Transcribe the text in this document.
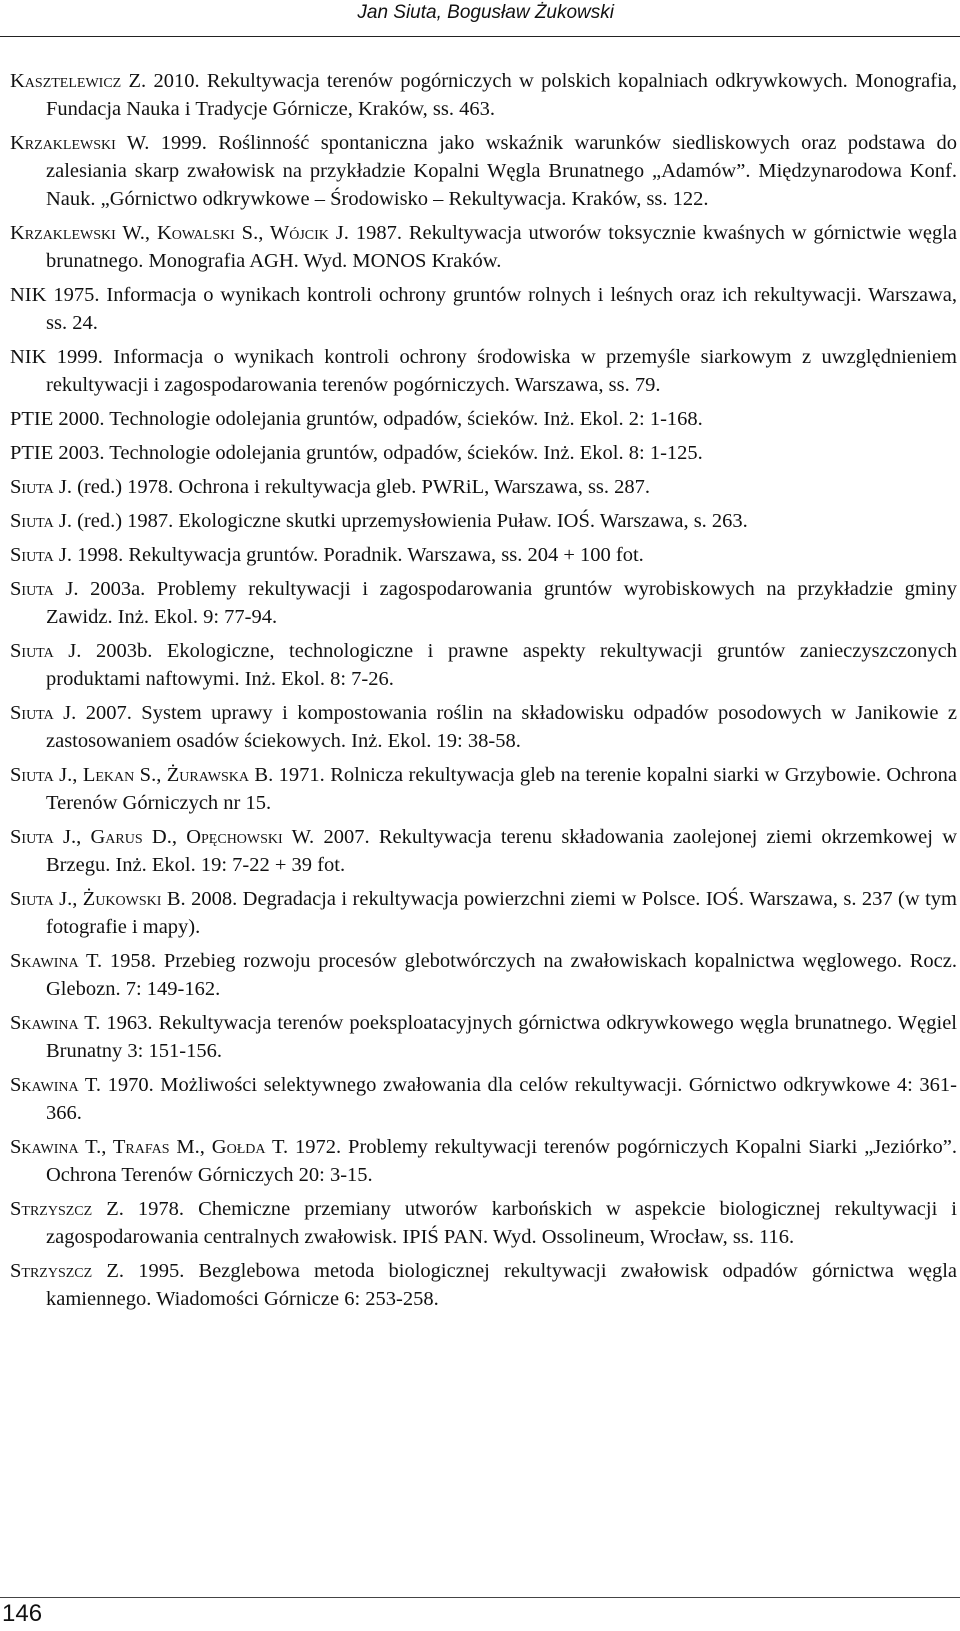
Jan Siuta, Bogusław Żukowski

Kasztelewicz Z. 2010. Rekultywacja terenów pogórniczych w polskich kopalniach odkrywkowych. Monografia, Fundacja Nauka i Tradycje Górnicze, Kraków, ss. 463.

Krzaklewski W. 1999. Roślinność spontaniczna jako wskaźnik warunków siedliskowych oraz podstawa do zalesiania skarp zwałowisk na przykładzie Kopalni Węgla Brunatnego „Adamów”. Międzynarodowa Konf. Nauk. „Górnictwo odkrywkowe – Środowisko – Rekultywacja. Kraków, ss. 122.

Krzaklewski W., Kowalski S., Wójcik J. 1987. Rekultywacja utworów toksycznie kwaśnych w górnictwie węgla brunatnego. Monografia AGH. Wyd. MONOS Kraków.

NIK 1975. Informacja o wynikach kontroli ochrony gruntów rolnych i leśnych oraz ich rekultywacji. Warszawa, ss. 24.

NIK 1999. Informacja o wynikach kontroli ochrony środowiska w przemyśle siarkowym z uwzględnieniem rekultywacji i zagospodarowania terenów pogórniczych. Warszawa, ss. 79.

PTIE 2000. Technologie odolejania gruntów, odpadów, ścieków. Inż. Ekol. 2: 1-168.

PTIE 2003. Technologie odolejania gruntów, odpadów, ścieków. Inż. Ekol. 8: 1-125.

Siuta J. (red.) 1978. Ochrona i rekultywacja gleb. PWRiL, Warszawa, ss. 287.

Siuta J. (red.) 1987. Ekologiczne skutki uprzemysłowienia Puław. IOŚ. Warszawa, s. 263.

Siuta J. 1998. Rekultywacja gruntów. Poradnik. Warszawa, ss. 204 + 100 fot.

Siuta J. 2003a. Problemy rekultywacji i zagospodarowania gruntów wyrobiskowych na przykładzie gminy Zawidz. Inż. Ekol. 9: 77-94.

Siuta J. 2003b. Ekologiczne, technologiczne i prawne aspekty rekultywacji gruntów zanieczyszczonych produktami naftowymi. Inż. Ekol. 8: 7-26.

Siuta J. 2007. System uprawy i kompostowania roślin na składowisku odpadów posodowych w Janikowie z zastosowaniem osadów ściekowych. Inż. Ekol. 19: 38-58.

Siuta J., Lekan S., Żurawska B. 1971. Rolnicza rekultywacja gleb na terenie kopalni siarki w Grzybowie. Ochrona Terenów Górniczych nr 15.

Siuta J., Garus D., Opęchowski W. 2007. Rekultywacja terenu składowania zaolejonej ziemi okrzemkowej w Brzegu. Inż. Ekol. 19: 7-22 + 39 fot.

Siuta J., Żukowski B. 2008. Degradacja i rekultywacja powierzchni ziemi w Polsce. IOŚ. Warszawa, s. 237 (w tym fotografie i mapy).

Skawina T. 1958. Przebieg rozwoju procesów glebotwórczych na zwałowiskach kopalnictwa węglowego. Rocz. Glebozn. 7: 149-162.

Skawina T. 1963. Rekultywacja terenów poeksploatacyjnych górnictwa odkrywkowego węgla brunatnego. Węgiel Brunatny 3: 151-156.

Skawina T. 1970. Możliwości selektywnego zwałowania dla celów rekultywacji. Górnictwo odkrywkowe 4: 361-366.

Skawina T., Trafas M., Gołda T. 1972. Problemy rekultywacji terenów pogórniczych Kopalni Siarki „Jeziórko”. Ochrona Terenów Górniczych 20: 3-15.

Strzyszcz Z. 1978. Chemiczne przemiany utworów karbońskich w aspekcie biologicznej rekultywacji i zagospodarowania centralnych zwałowisk. IPIŚ PAN. Wyd. Ossolineum, Wrocław, ss. 116.

Strzyszcz Z. 1995. Bezglebowa metoda biologicznej rekultywacji zwałowisk odpadów górnictwa węgla kamiennego. Wiadomości Górnicze 6: 253-258.

146
